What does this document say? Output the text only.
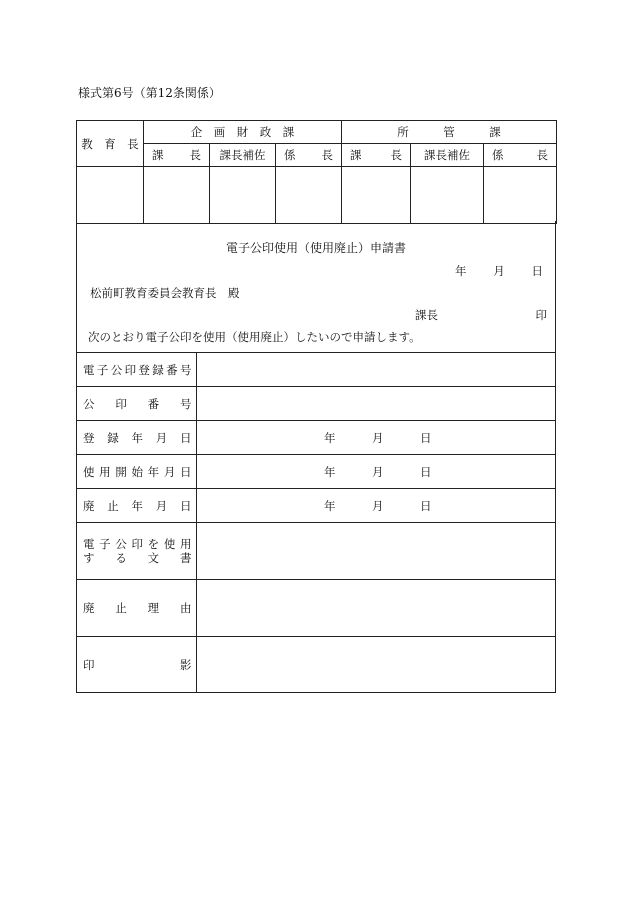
様式第6号（第12条関係）
教　育　長	企　画　財　政　課			所　　　管　　　課		

	課　長	課長補佐	係　長	課　長	課長補佐	係　長

電子公印使用（使用廃止）申請書
年 月 日
松前町教育委員会教育長　殿
課長	印
次のとおり電子公印を使用（使用廃止）したいので申請します。
電子公印登録番号	

公印番号	

登録年月日	年 月 日

使用開始年月日	年 月 日

廃止年月日	年 月 日

電子公印を使用
する文書	

廃止理由	

印影	
